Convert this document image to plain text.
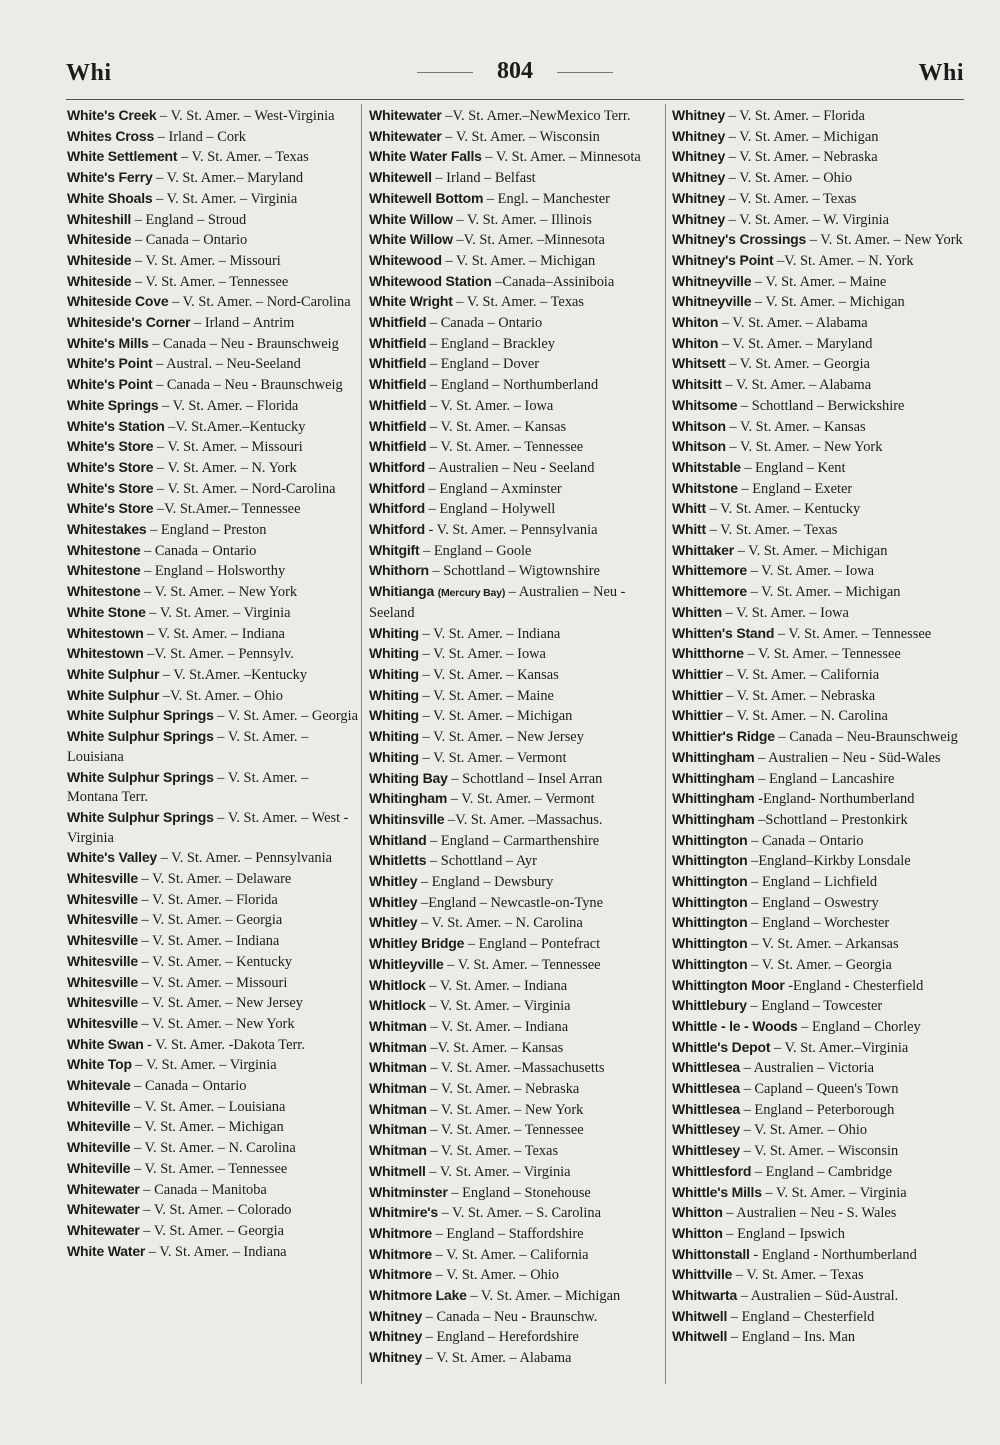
Whi	804	Whi
White's Creek – V. St. Amer. – West-Virginia
Whites Cross – Irland – Cork
White Settlement – V. St. Amer. – Texas
White's Ferry – V. St. Amer.– Maryland
White Shoals – V. St. Amer. – Virginia
Whiteshill – England – Stroud
Whiteside – Canada – Ontario
Whiteside – V. St. Amer. – Missouri
Whiteside – V. St. Amer. – Tennessee
Whiteside Cove – V. St. Amer. – Nord-Carolina
Whiteside's Corner – Irland – Antrim
White's Mills – Canada – Neu - Braunschweig
White's Point – Austral. – Neu-Seeland
White's Point – Canada – Neu - Braunschweig
White Springs – V. St. Amer. – Florida
White's Station –V. St.Amer.–Kentucky
White's Store – V. St. Amer. – Missouri
White's Store – V. St. Amer. – N. York
White's Store – V. St. Amer. – Nord-Carolina
White's Store –V. St.Amer.– Tennessee
Whitestakes – England – Preston
Whitestone – Canada – Ontario
Whitestone – England – Holsworthy
Whitestone – V. St. Amer. – New York
White Stone – V. St. Amer. – Virginia
Whitestown – V. St. Amer. – Indiana
Whitestown –V. St. Amer. – Pennsylv.
White Sulphur – V. St.Amer. –Kentucky
White Sulphur –V. St. Amer. – Ohio
White Sulphur Springs – V. St. Amer. – Georgia
White Sulphur Springs – V. St. Amer. – Louisiana
White Sulphur Springs – V. St. Amer. – Montana Terr.
White Sulphur Springs – V. St. Amer. – West -Virginia
White's Valley – V. St. Amer. – Pennsylvania
Whitesville – V. St. Amer. – Delaware
Whitesville – V. St. Amer. – Florida
Whitesville – V. St. Amer. – Georgia
Whitesville – V. St. Amer. – Indiana
Whitesville – V. St. Amer. – Kentucky
Whitesville – V. St. Amer. – Missouri
Whitesville – V. St. Amer. – New Jersey
Whitesville – V. St. Amer. – New York
White Swan - V. St. Amer. -Dakota Terr.
White Top – V. St. Amer. – Virginia
Whitevale – Canada – Ontario
Whiteville – V. St. Amer. – Louisiana
Whiteville – V. St. Amer. – Michigan
Whiteville – V. St. Amer. – N. Carolina
Whiteville – V. St. Amer. – Tennessee
Whitewater – Canada – Manitoba
Whitewater – V. St. Amer. – Colorado
Whitewater – V. St. Amer. – Georgia
White Water – V. St. Amer. – Indiana
Whitewater –V. St. Amer.–NewMexico Terr.
Whitewater – V. St. Amer. – Wisconsin
White Water Falls – V. St. Amer. – Minnesota
Whitewell – Irland – Belfast
Whitewell Bottom – Engl. – Manchester
White Willow – V. St. Amer. – Illinois
White Willow –V. St. Amer. –Minnesota
Whitewood – V. St. Amer. – Michigan
Whitewood Station –Canada–Assiniboia
White Wright – V. St. Amer. – Texas
Whitfield – Canada – Ontario
Whitfield – England – Brackley
Whitfield – England – Dover
Whitfield – England – Northumberland
Whitfield – V. St. Amer. – Iowa
Whitfield – V. St. Amer. – Kansas
Whitfield – V. St. Amer. – Tennessee
Whitford – Australien – Neu - Seeland
Whitford – England – Axminster
Whitford – England – Holywell
Whitford - V. St. Amer. – Pennsylvania
Whitgift – England – Goole
Whithorn – Schottland – Wigtownshire
Whitianga (Mercury Bay) – Australien – Neu - Seeland
Whiting – V. St. Amer. – Indiana
Whiting – V. St. Amer. – Iowa
Whiting – V. St. Amer. – Kansas
Whiting – V. St. Amer. – Maine
Whiting – V. St. Amer. – Michigan
Whiting – V. St. Amer. – New Jersey
Whiting – V. St. Amer. – Vermont
Whiting Bay – Schottland – Insel Arran
Whitingham – V. St. Amer. – Vermont
Whitinsville –V. St. Amer. –Massachus.
Whitland – England – Carmarthenshire
Whitletts – Schottland – Ayr
Whitley – England – Dewsbury
Whitley –England – Newcastle-on-Tyne
Whitley – V. St. Amer. – N. Carolina
Whitley Bridge – England – Pontefract
Whitleyville – V. St. Amer. – Tennessee
Whitlock – V. St. Amer. – Indiana
Whitlock – V. St. Amer. – Virginia
Whitman – V. St. Amer. – Indiana
Whitman –V. St. Amer. – Kansas
Whitman – V. St. Amer. –Massachusetts
Whitman – V. St. Amer. – Nebraska
Whitman – V. St. Amer. – New York
Whitman – V. St. Amer. – Tennessee
Whitman – V. St. Amer. – Texas
Whitmell – V. St. Amer. – Virginia
Whitminster – England – Stonehouse
Whitmire's – V. St. Amer. – S. Carolina
Whitmore – England – Staffordshire
Whitmore – V. St. Amer. – California
Whitmore – V. St. Amer. – Ohio
Whitmore Lake – V. St. Amer. – Michigan
Whitney – Canada – Neu - Braunschw.
Whitney – England – Herefordshire
Whitney – V. St. Amer. – Alabama
Whitney – V. St. Amer. – Florida
Whitney – V. St. Amer. – Michigan
Whitney – V. St. Amer. – Nebraska
Whitney – V. St. Amer. – Ohio
Whitney – V. St. Amer. – Texas
Whitney – V. St. Amer. – W. Virginia
Whitney's Crossings – V. St. Amer. – New York
Whitney's Point –V. St. Amer. – N. York
Whitneyville – V. St. Amer. – Maine
Whitneyville – V. St. Amer. – Michigan
Whiton – V. St. Amer. – Alabama
Whiton – V. St. Amer. – Maryland
Whitsett – V. St. Amer. – Georgia
Whitsitt – V. St. Amer. – Alabama
Whitsome – Schottland – Berwickshire
Whitson – V. St. Amer. – Kansas
Whitson – V. St. Amer. – New York
Whitstable – England – Kent
Whitstone – England – Exeter
Whitt – V. St. Amer. – Kentucky
Whitt – V. St. Amer. – Texas
Whittaker – V. St. Amer. – Michigan
Whittemore – V. St. Amer. – Iowa
Whittemore – V. St. Amer. – Michigan
Whitten – V. St. Amer. – Iowa
Whitten's Stand – V. St. Amer. – Tennessee
Whitthorne – V. St. Amer. – Tennessee
Whittier – V. St. Amer. – California
Whittier – V. St. Amer. – Nebraska
Whittier – V. St. Amer. – N. Carolina
Whittier's Ridge – Canada – Neu-Braunschweig
Whittingham – Australien – Neu - Süd-Wales
Whittingham – England – Lancashire
Whittingham -England- Northumberland
Whittingham –Schottland – Prestonkirk
Whittington – Canada – Ontario
Whittington –England–Kirkby Lonsdale
Whittington – England – Lichfield
Whittington – England – Oswestry
Whittington – England – Worchester
Whittington – V. St. Amer. – Arkansas
Whittington – V. St. Amer. – Georgia
Whittington Moor -England - Chesterfield
Whittlebury – England – Towcester
Whittle - le - Woods – England – Chorley
Whittle's Depot – V. St. Amer.–Virginia
Whittlesea – Australien – Victoria
Whittlesea – Capland – Queen's Town
Whittlesea – England – Peterborough
Whittlesey – V. St. Amer. – Ohio
Whittlesey – V. St. Amer. – Wisconsin
Whittlesford – England – Cambridge
Whittle's Mills – V. St. Amer. – Virginia
Whitton – Australien – Neu - S. Wales
Whitton – England – Ipswich
Whittonstall - England - Northumberland
Whittville – V. St. Amer. – Texas
Whitwarta – Australien – Süd-Austral.
Whitwell – England – Chesterfield
Whitwell – England – Ins. Man
